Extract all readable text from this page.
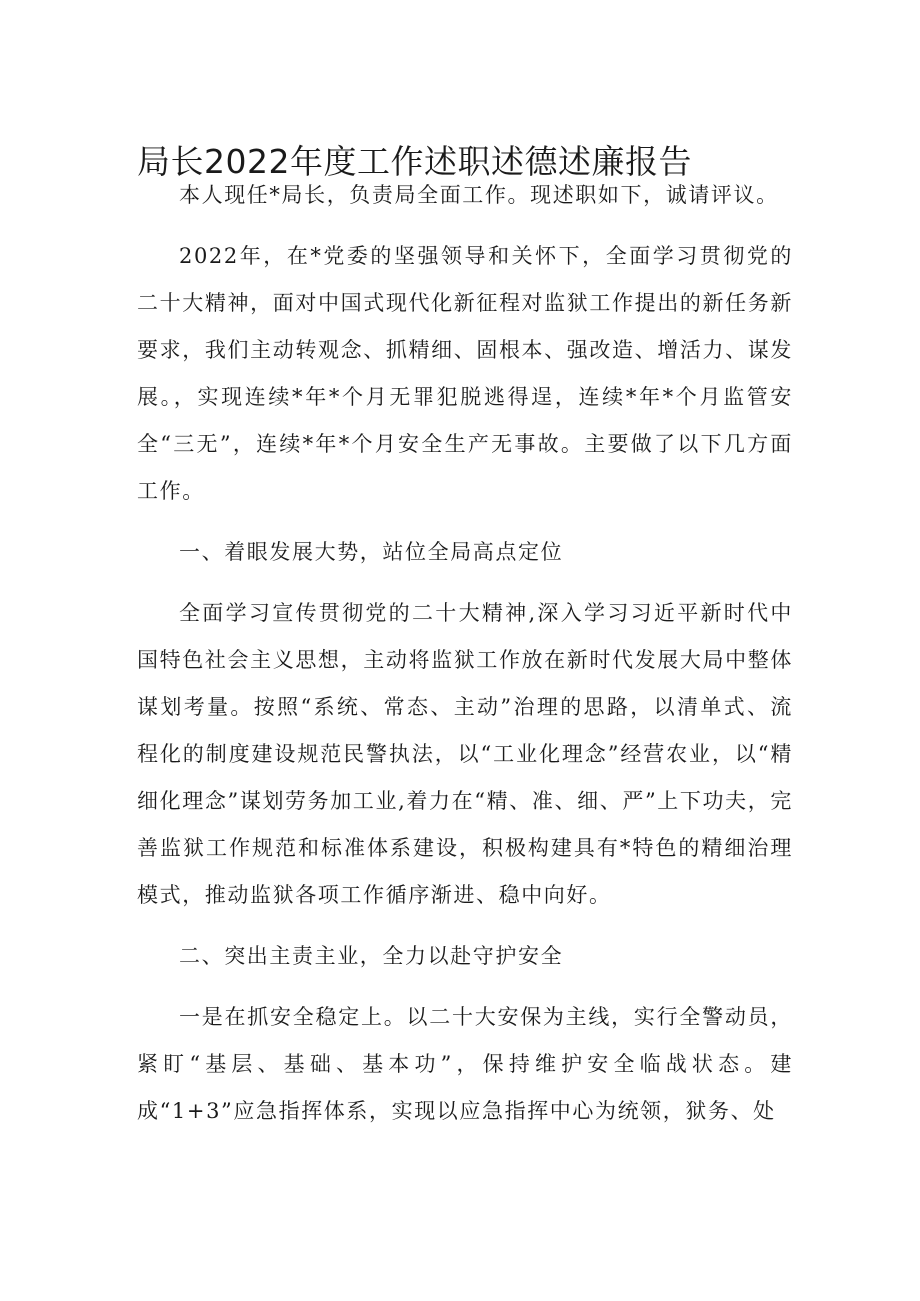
局长2022年度工作述职述德述廉报告

本人现任*局长，负责局全面工作。现述职如下，诚请评议。

2022年，在*党委的坚强领导和关怀下，全面学习贯彻党的二十大精神，面对中国式现代化新征程对监狱工作提出的新任务新要求，我们主动转观念、抓精细、固根本、强改造、增活力、谋发展。，实现连续*年*个月无罪犯脱逃得逞，连续*年*个月监管安全“三无”，连续*年*个月安全生产无事故。主要做了以下几方面工作。

一、着眼发展大势，站位全局高点定位

全面学习宣传贯彻党的二十大精神,深入学习习近平新时代中国特色社会主义思想，主动将监狱工作放在新时代发展大局中整体谋划考量。按照“系统、常态、主动”治理的思路，以清单式、流程化的制度建设规范民警执法，以“工业化理念”经营农业，以“精细化理念”谋划劳务加工业,着力在“精、准、细、严”上下功夫，完善监狱工作规范和标准体系建设，积极构建具有*特色的精细治理模式，推动监狱各项工作循序渐进、稳中向好。

二、突出主责主业，全力以赴守护安全

一是在抓安全稳定上。以二十大安保为主线，实行全警动员，紧盯“基层、基础、基本功”，保持维护安全临战状态。建成“1+3”应急指挥体系，实现以应急指挥中心为统领，狱务、处
